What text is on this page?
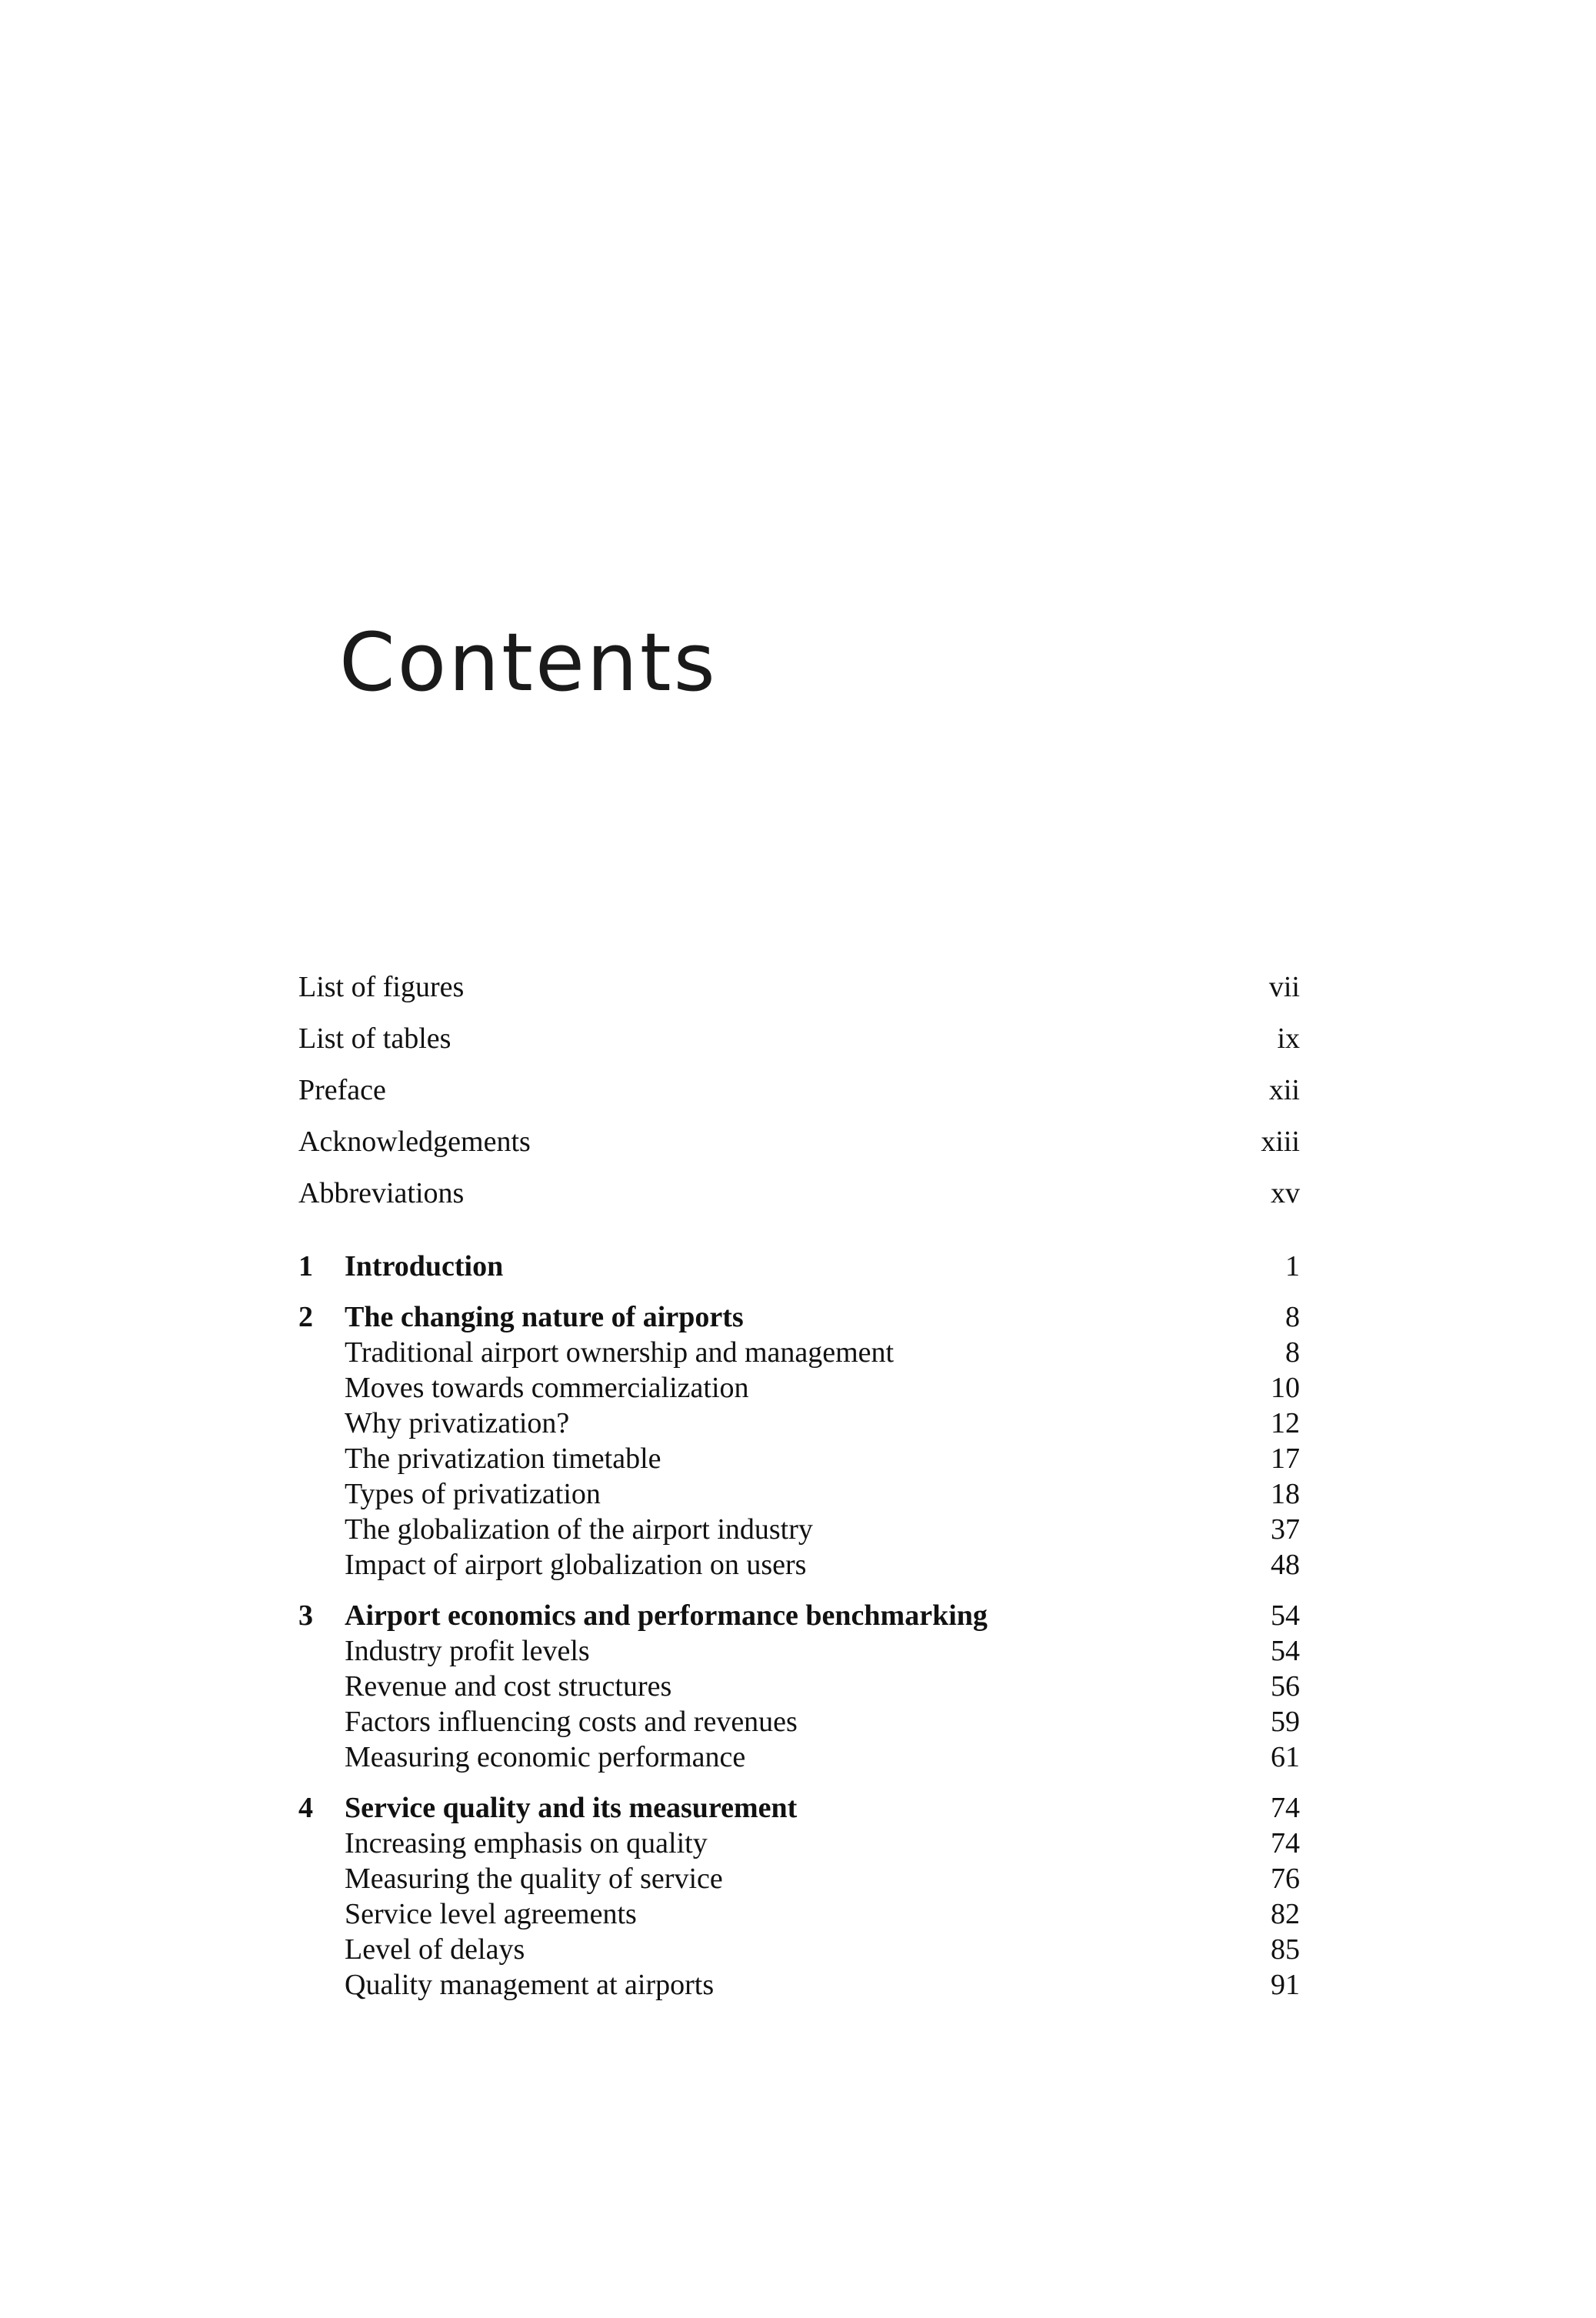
Contents
List of figures	vii
List of tables	ix
Preface	xii
Acknowledgements	xiii
Abbreviations	xv
1 Introduction	1
2 The changing nature of airports	8
Traditional airport ownership and management	8
Moves towards commercialization	10
Why privatization?	12
The privatization timetable	17
Types of privatization	18
The globalization of the airport industry	37
Impact of airport globalization on users	48
3 Airport economics and performance benchmarking	54
Industry profit levels	54
Revenue and cost structures	56
Factors influencing costs and revenues	59
Measuring economic performance	61
4 Service quality and its measurement	74
Increasing emphasis on quality	74
Measuring the quality of service	76
Service level agreements	82
Level of delays	85
Quality management at airports	91
